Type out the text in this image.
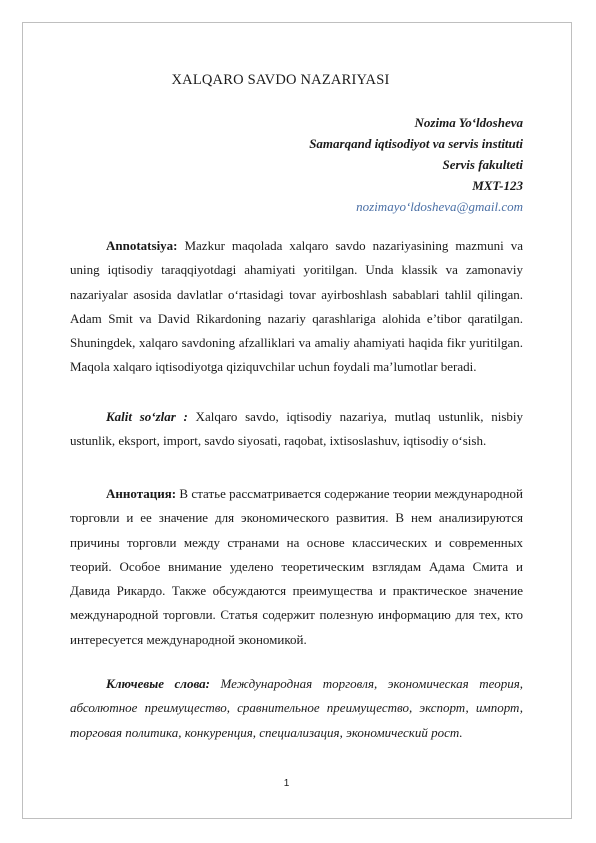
XALQARO SAVDO NAZARIYASI
Nozima Yo‘ldosheva
Samarqand iqtisodiyot va servis instituti
Servis fakulteti
MXT-123
nozimayo‘ldosheva@gmail.com

Annotatsiya: Mazkur maqolada xalqaro savdo nazariyasining mazmuni va uning iqtisodiy taraqqiyotdagi ahamiyati yoritilgan. Unda klassik va zamonaviy nazariyalar asosida davlatlar o‘rtasidagi tovar ayirboshlash sabablari tahlil qilingan. Adam Smit va David Rikardoning nazariy qarashlariga alohida e’tibor qaratilgan. Shuningdek, xalqaro savdoning afzalliklari va amaliy ahamiyati haqida fikr yuritilgan. Maqola xalqaro iqtisodiyotga qiziquvchilar uchun foydali ma’lumotlar beradi.

Kalit so‘zlar : Xalqaro savdo, iqtisodiy nazariya, mutlaq ustunlik, nisbiy ustunlik, eksport, import, savdo siyosati, raqobat, ixtisoslashuv, iqtisodiy o‘sish.

Аннотация: В статье рассматривается содержание теории международной торговли и ее значение для экономического развития. В нем анализируются причины торговли между странами на основе классических и современных теорий. Особое внимание уделено теоретическим взглядам Адама Смита и Давида Рикардо. Также обсуждаются преимущества и практическое значение международной торговли. Статья содержит полезную информацию для тех, кто интересуется международной экономикой.

Ключевые слова: Международная торговля, экономическая теория, абсолютное преимущество, сравнительное преимущество, экспорт, импорт, торговая политика, конкуренция, специализация, экономический рост.

1
